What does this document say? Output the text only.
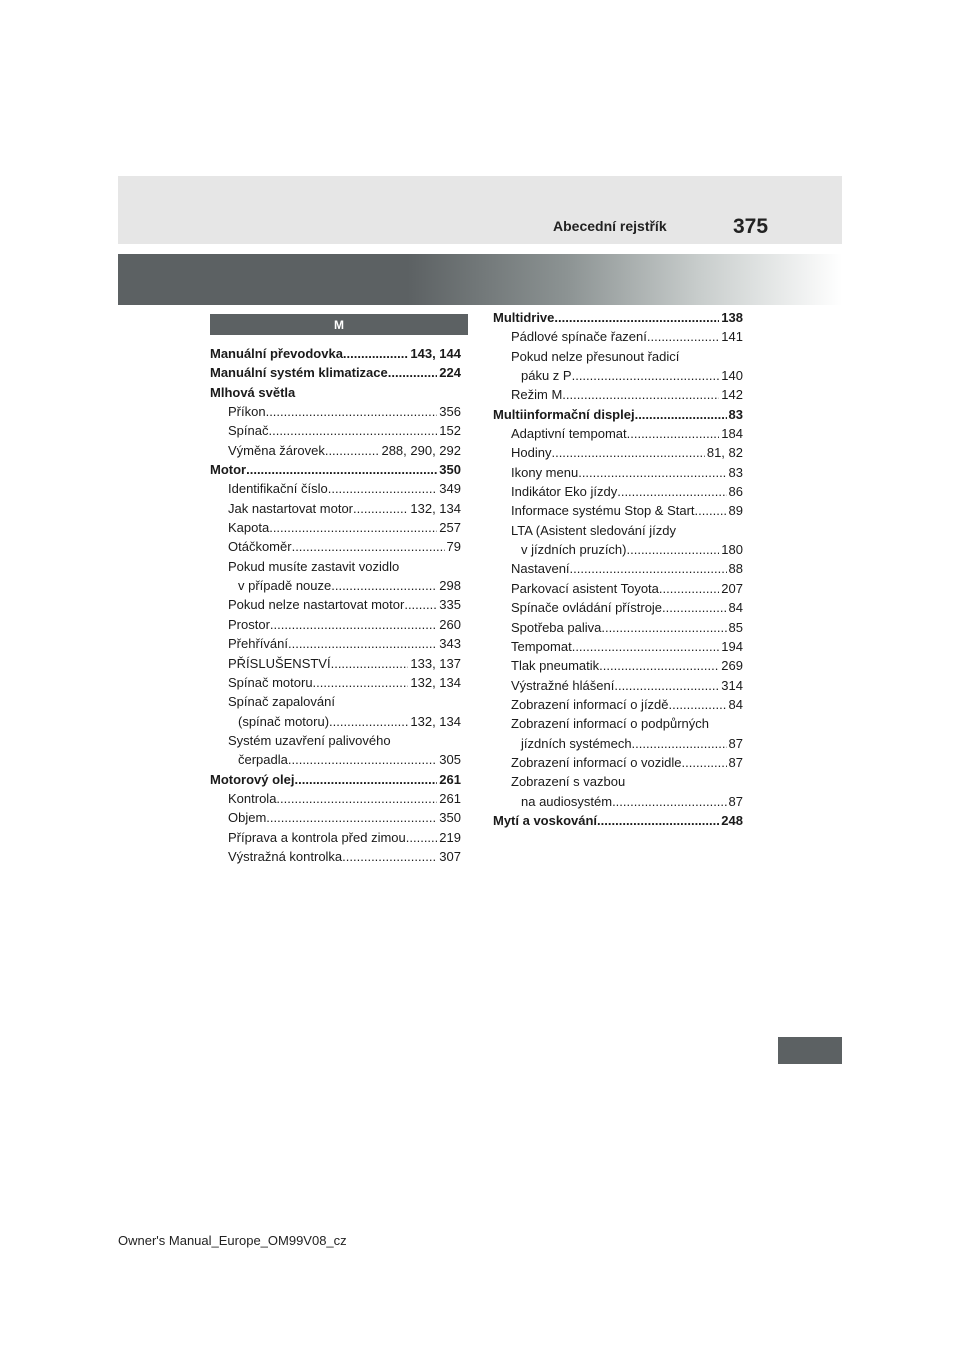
Abecední rejstřík	375
M
Manuální převodovka .....	143, 144
Manuální systém klimatizace .....	224
Mlhová světla
Příkon .....	356
Spínač .....	152
Výměna žárovek .....	288, 290, 292
Motor .....	350
Identifikační číslo .....	349
Jak nastartovat motor .....	132, 134
Kapota .....	257
Otáčkoměr .....	79
Pokud musíte zastavit vozidlo
v případě nouze .....	298
Pokud nelze nastartovat motor .....	335
Prostor .....	260
Přehřívání .....	343
PŘÍSLUŠENSTVÍ .....	133, 137
Spínač motoru .....	132, 134
Spínač zapalování
(spínač motoru) .....	132, 134
Systém uzavření palivového
čerpadla .....	305
Motorový olej .....	261
Kontrola .....	261
Objem .....	350
Příprava a kontrola před zimou .....	219
Výstražná kontrolka .....	307
Multidrive .....	138
Pádlové spínače řazení .....	141
Pokud nelze přesunout řadicí
páku z P .....	140
Režim M .....	142
Multiinformační displej .....	83
Adaptivní tempomat .....	184
Hodiny .....	81, 82
Ikony menu .....	83
Indikátor Eko jízdy .....	86
Informace systému Stop & Start .....	89
LTA (Asistent sledování jízdy
v jízdních pruzích) .....	180
Nastavení .....	88
Parkovací asistent Toyota .....	207
Spínače ovládání přístroje .....	84
Spotřeba paliva .....	85
Tempomat .....	194
Tlak pneumatik .....	269
Výstražné hlášení .....	314
Zobrazení informací o jízdě .....	84
Zobrazení informací o podpůrných
jízdních systémech .....	87
Zobrazení informací o vozidle .....	87
Zobrazení s vazbou
na audiosystém .....	87
Mytí a voskování .....	248
Owner's Manual_Europe_OM99V08_cz
